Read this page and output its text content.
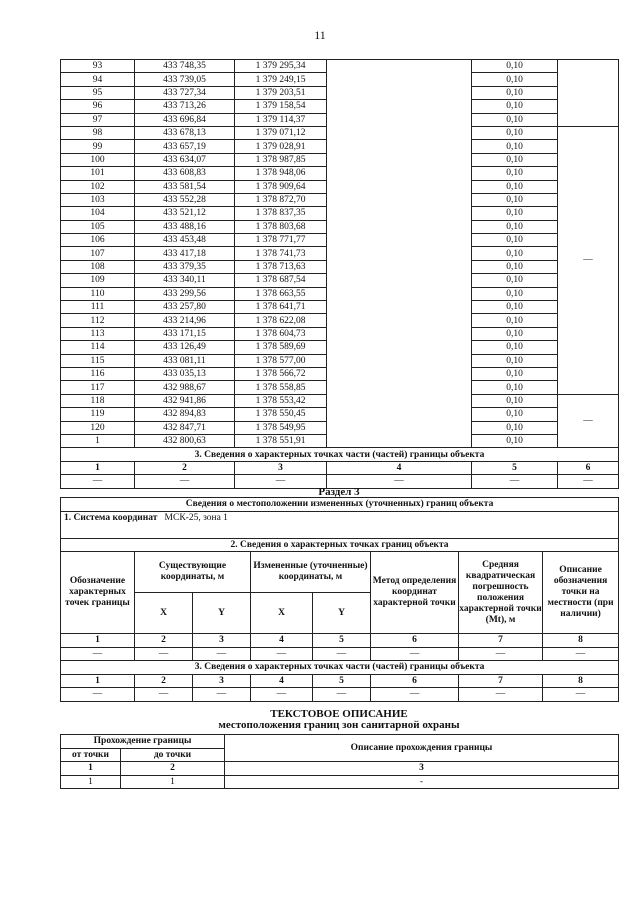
11
93	433 748,35	1 379 295,34		0,10	
94	433 739,05	1 379 249,15		0,10	
95	433 727,34	1 379 203,51		0,10	
96	433 713,26	1 379 158,54		0,10	
97	433 696,84	1 379 114,37		0,10	
98	433 678,13	1 379 071,12		0,10	—
99	433 657,19	1 379 028,91		0,10	
100	433 634,07	1 378 987,85		0,10	
101	433 608,83	1 378 948,06		0,10	
102	433 581,54	1 378 909,64		0,10	
103	433 552,28	1 378 872,70		0,10	
104	433 521,12	1 378 837,35		0,10	
105	433 488,16	1 378 803,68		0,10	
106	433 453,48	1 378 771,77		0,10	
107	433 417,18	1 378 741,73		0,10	
108	433 379,35	1 378 713,63		0,10	
109	433 340,11	1 378 687,54		0,10	
110	433 299,56	1 378 663,55		0,10	
111	433 257,80	1 378 641,71		0,10	
112	433 214,96	1 378 622,08		0,10	
113	433 171,15	1 378 604,73		0,10	
114	433 126,49	1 378 589,69		0,10	
115	433 081,11	1 378 577,00		0,10	
116	433 035,13	1 378 566,72		0,10	
117	432 988,67	1 378 558,85		0,10	
118	432 941,86	1 378 553,42		0,10	—
119	432 894,83	1 378 550,45		0,10	
120	432 847,71	1 378 549,95		0,10	
1	432 800,63	1 378 551,91		0,10	
3. Сведения о характерных точках части (частей) границы объекта					
1	2	3	4	5	6
—	—	—	—	—	—
Раздел 3
Сведения о местоположении измененных (уточненных) границ объекта							
1. Система координат МСК-25, зона 1							
2. Сведения о характерных точках границ объекта							
Обозначение характерных точек границы	Существующие координаты, м		Измененные (уточненные) координаты, м		Метод определения координат характерной точки	Средняя квадратическая погрешность положения характерной точки (Mt), м	Описание обозначения точки на местности (при наличии)
	X	Y	X	Y			
1	2	3	4	5	6	7	8
—	—	—	—	—	—	—	—
3. Сведения о характерных точках части (частей) границы объекта							
1	2	3	4	5	6	7	8
—	—	—	—	—	—	—	—
ТЕКСТОВОЕ ОПИСАНИЕ
местоположения границ зон санитарной охраны
Прохождение границы		Описание прохождения границы
от точки	до точки	
1	2	3
1	1	-
